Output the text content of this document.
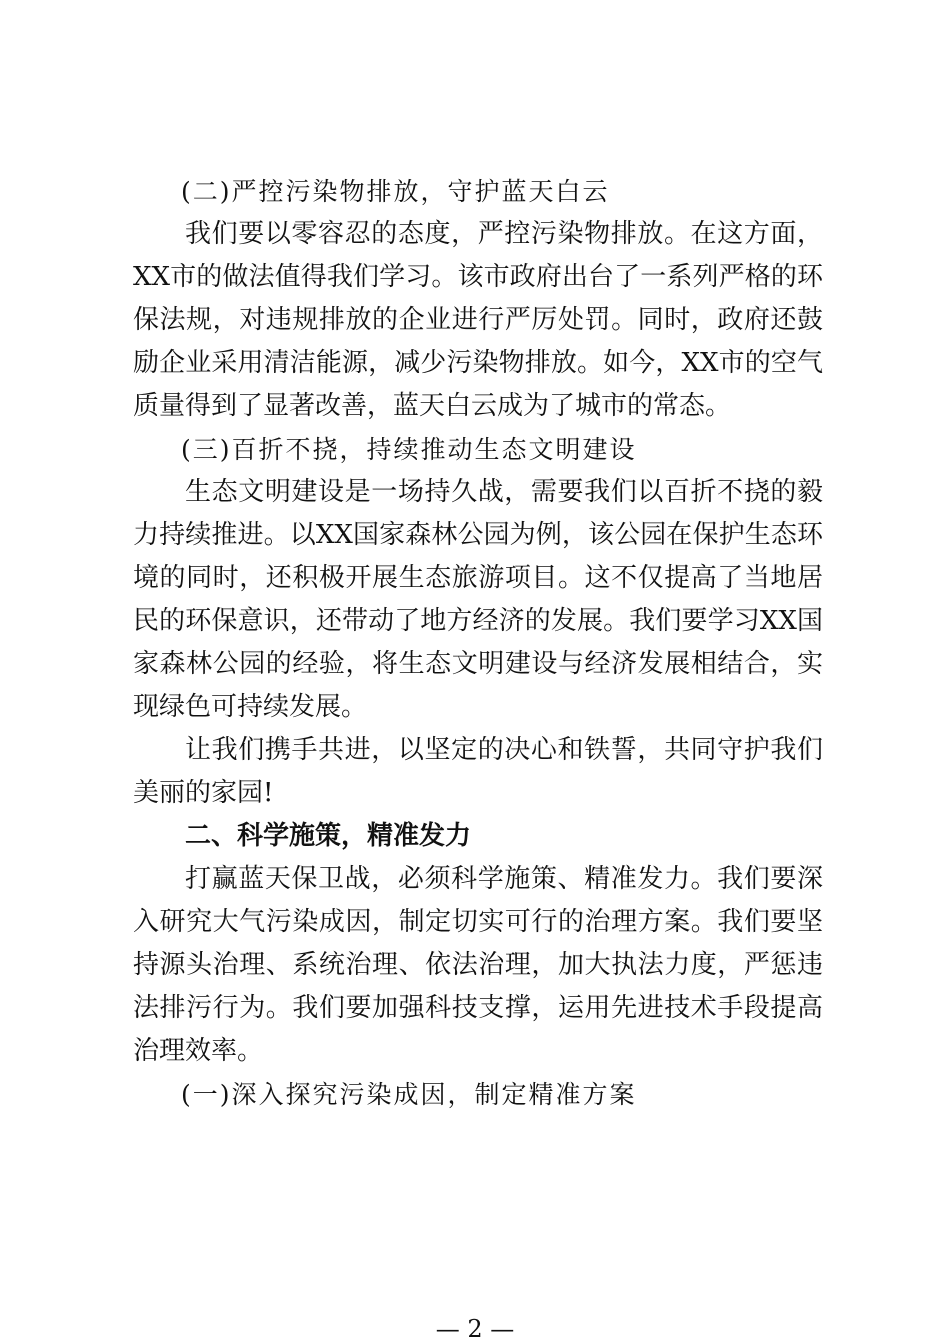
(二)严控污染物排放，守护蓝天白云

我们要以零容忍的态度，严控污染物排放。在这方面，XX市的做法值得我们学习。该市政府出台了一系列严格的环保法规，对违规排放的企业进行严厉处罚。同时，政府还鼓励企业采用清洁能源，减少污染物排放。如今，XX市的空气质量得到了显著改善，蓝天白云成为了城市的常态。

(三)百折不挠，持续推动生态文明建设

生态文明建设是一场持久战，需要我们以百折不挠的毅力持续推进。以XX国家森林公园为例，该公园在保护生态环境的同时，还积极开展生态旅游项目。这不仅提高了当地居民的环保意识，还带动了地方经济的发展。我们要学习XX国家森林公园的经验，将生态文明建设与经济发展相结合，实现绿色可持续发展。

让我们携手共进，以坚定的决心和铁誓，共同守护我们美丽的家园!

二、科学施策，精准发力

打赢蓝天保卫战，必须科学施策、精准发力。我们要深入研究大气污染成因，制定切实可行的治理方案。我们要坚持源头治理、系统治理、依法治理，加大执法力度，严惩违法排污行为。我们要加强科技支撑，运用先进技术手段提高治理效率。

(一)深入探究污染成因，制定精准方案

— 2 —
